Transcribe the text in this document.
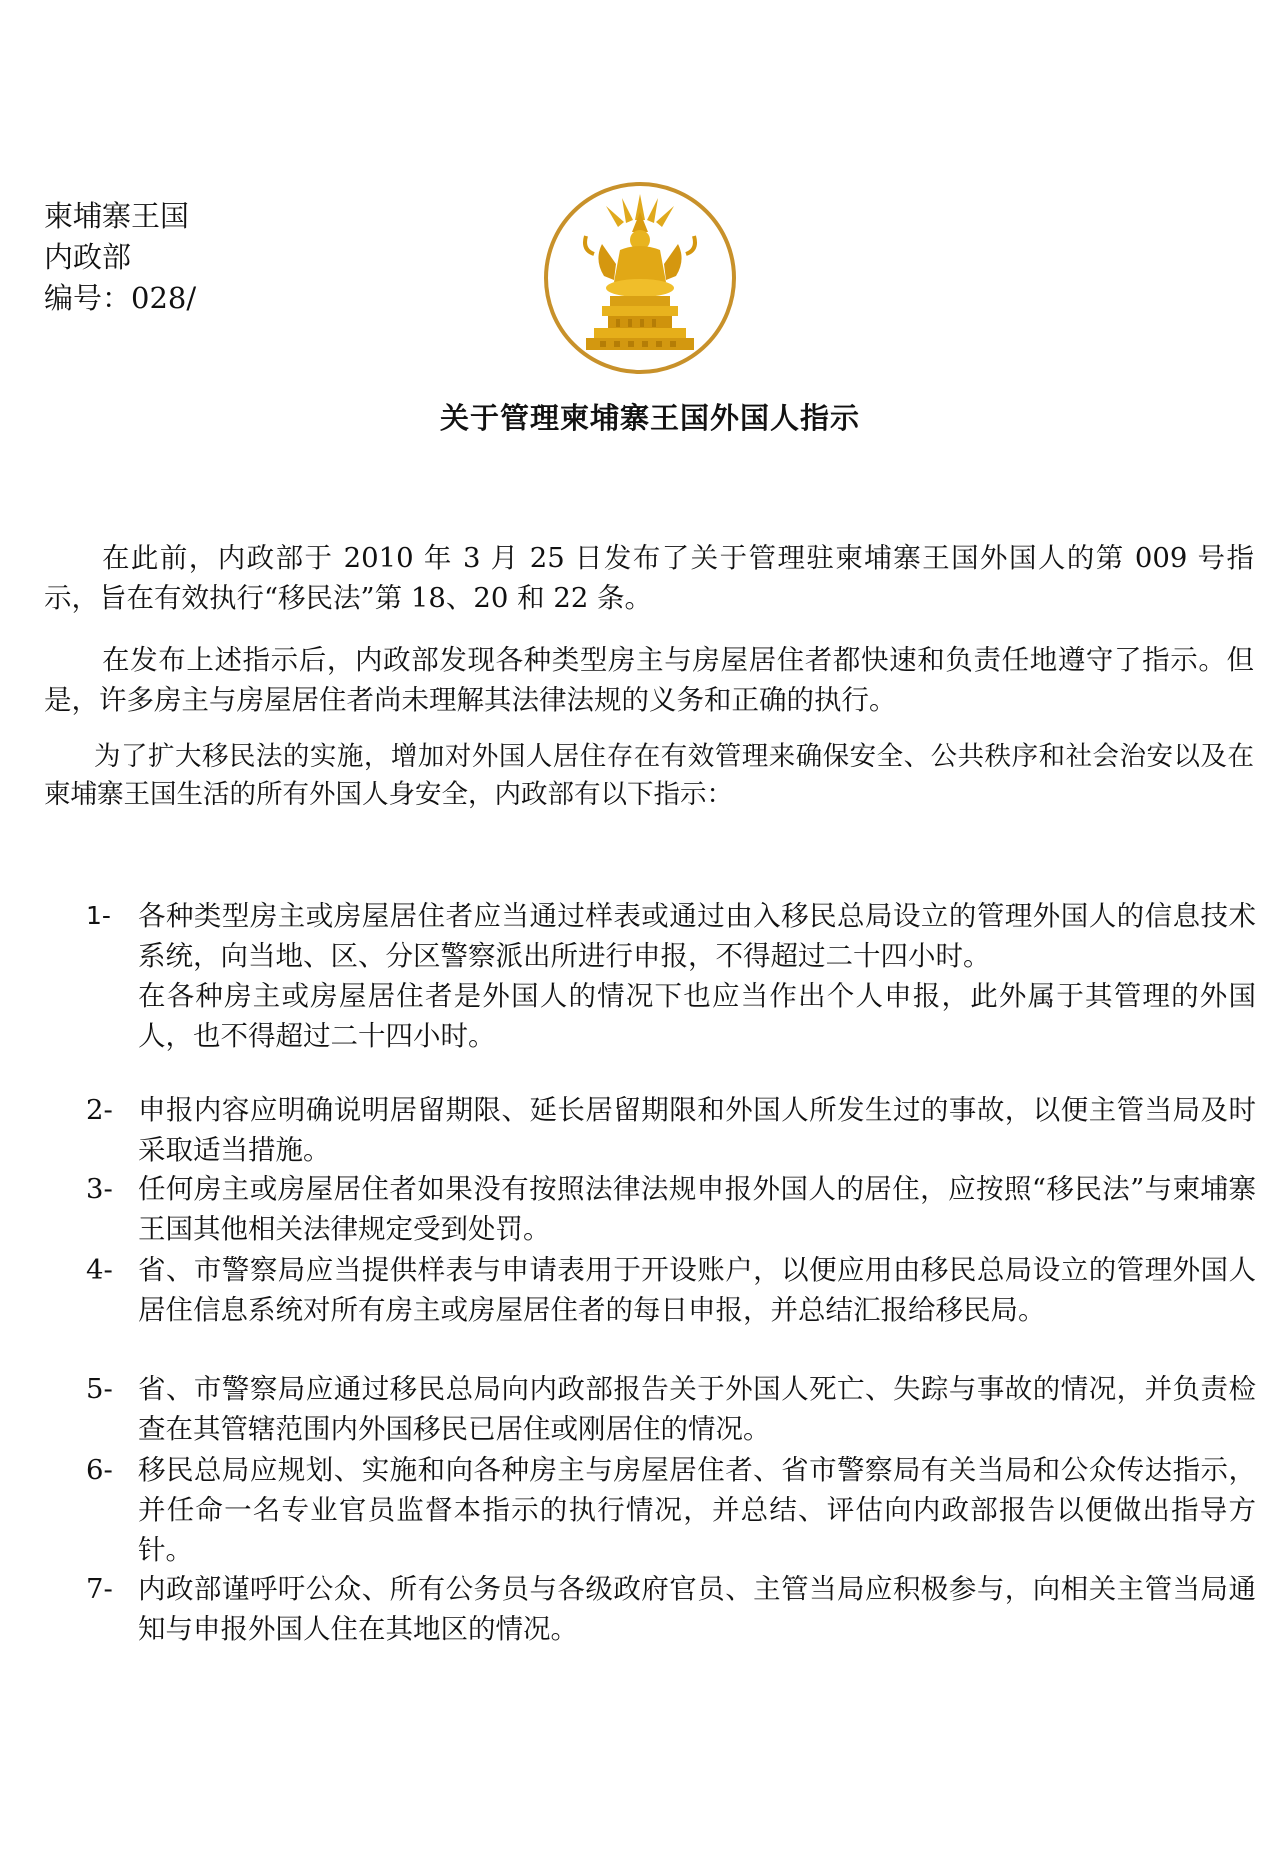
柬埔寨王国
内政部
编号：028/
关于管理柬埔寨王国外国人指示
在此前，内政部于 2010 年 3 月 25 日发布了关于管理驻柬埔寨王国外国人的第 009 号指示，旨在有效执行“移民法”第 18、20 和 22 条。
在发布上述指示后，内政部发现各种类型房主与房屋居住者都快速和负责任地遵守了指示。但是，许多房主与房屋居住者尚未理解其法律法规的义务和正确的执行。
为了扩大移民法的实施，增加对外国人居住存在有效管理来确保安全、公共秩序和社会治安以及在柬埔寨王国生活的所有外国人身安全，内政部有以下指示：
1- 各种类型房主或房屋居住者应当通过样表或通过由入移民总局设立的管理外国人的信息技术系统，向当地、区、分区警察派出所进行申报，不得超过二十四小时。
在各种房主或房屋居住者是外国人的情况下也应当作出个人申报，此外属于其管理的外国人，也不得超过二十四小时。
2- 申报内容应明确说明居留期限、延长居留期限和外国人所发生过的事故，以便主管当局及时采取适当措施。
3- 任何房主或房屋居住者如果没有按照法律法规申报外国人的居住，应按照“移民法”与柬埔寨王国其他相关法律规定受到处罚。
4- 省、市警察局应当提供样表与申请表用于开设账户，以便应用由移民总局设立的管理外国人居住信息系统对所有房主或房屋居住者的每日申报，并总结汇报给移民局。
5- 省、市警察局应通过移民总局向内政部报告关于外国人死亡、失踪与事故的情况，并负责检查在其管辖范围内外国移民已居住或刚居住的情况。
6- 移民总局应规划、实施和向各种房主与房屋居住者、省市警察局有关当局和公众传达指示，并任命一名专业官员监督本指示的执行情况，并总结、评估向内政部报告以便做出指导方针。
7- 内政部谨呼吁公众、所有公务员与各级政府官员、主管当局应积极参与，向相关主管当局通知与申报外国人住在其地区的情况。
